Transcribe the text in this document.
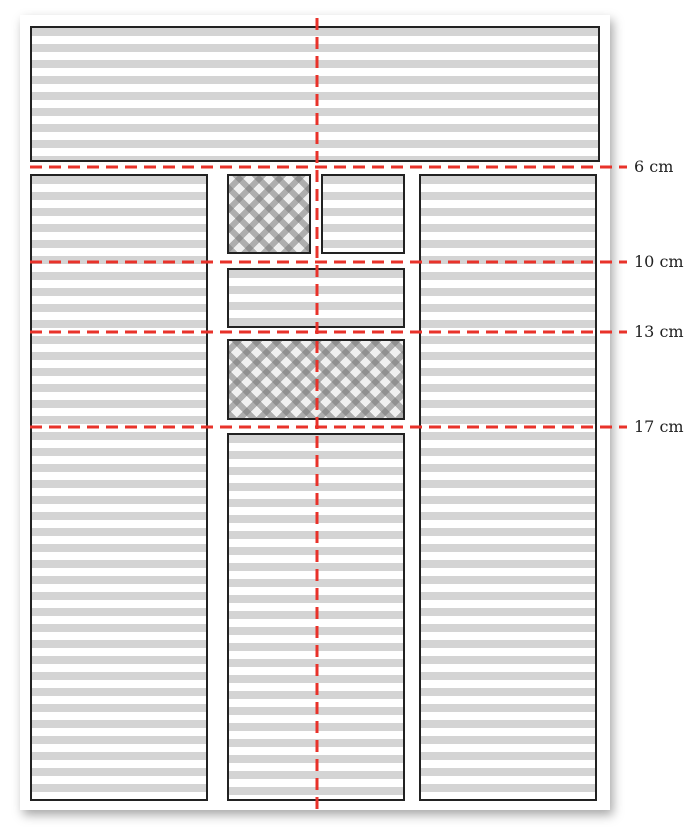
6 cm
10 cm
13 cm
17 cm
